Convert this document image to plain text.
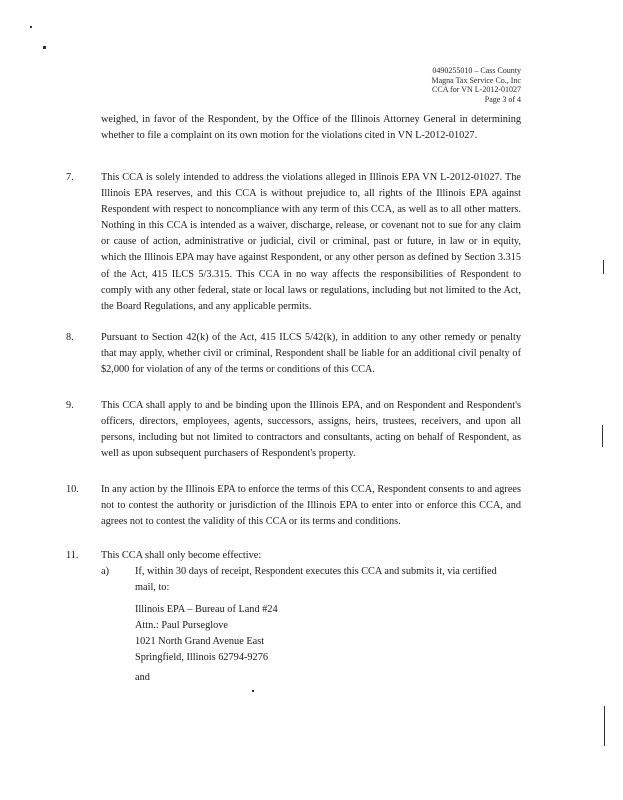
0490255010 – Cass County
Magna Tax Service Co., Inc
CCA for VN L-2012-01027
Page 3 of 4
weighed, in favor of the Respondent, by the Office of the Illinois Attorney General in determining whether to file a complaint on its own motion for the violations cited in VN L-2012-01027.
7.	This CCA is solely intended to address the violations alleged in Illinois EPA VN L-2012-01027. The Illinois EPA reserves, and this CCA is without prejudice to, all rights of the Illinois EPA against Respondent with respect to noncompliance with any term of this CCA, as well as to all other matters. Nothing in this CCA is intended as a waiver, discharge, release, or covenant not to sue for any claim or cause of action, administrative or judicial, civil or criminal, past or future, in law or in equity, which the Illinois EPA may have against Respondent, or any other person as defined by Section 3.315 of the Act, 415 ILCS 5/3.315. This CCA in no way affects the responsibilities of Respondent to comply with any other federal, state or local laws or regulations, including but not limited to the Act, the Board Regulations, and any applicable permits.
8.	Pursuant to Section 42(k) of the Act, 415 ILCS 5/42(k), in addition to any other remedy or penalty that may apply, whether civil or criminal, Respondent shall be liable for an additional civil penalty of $2,000 for violation of any of the terms or conditions of this CCA.
9.	This CCA shall apply to and be binding upon the Illinois EPA, and on Respondent and Respondent's officers, directors, employees, agents, successors, assigns, heirs, trustees, receivers, and upon all persons, including but not limited to contractors and consultants, acting on behalf of Respondent, as well as upon subsequent purchasers of Respondent's property.
10. In any action by the Illinois EPA to enforce the terms of this CCA, Respondent consents to and agrees not to contest the authority or jurisdiction of the Illinois EPA to enter into or enforce this CCA, and agrees not to contest the validity of this CCA or its terms and conditions.
11. This CCA shall only become effective:
a)	If, within 30 days of receipt, Respondent executes this CCA and submits it, via certified mail, to:
Illinois EPA – Bureau of Land #24
Attn.: Paul Purseglove
1021 North Grand Avenue East
Springfield, Illinois 62794-9276
and
